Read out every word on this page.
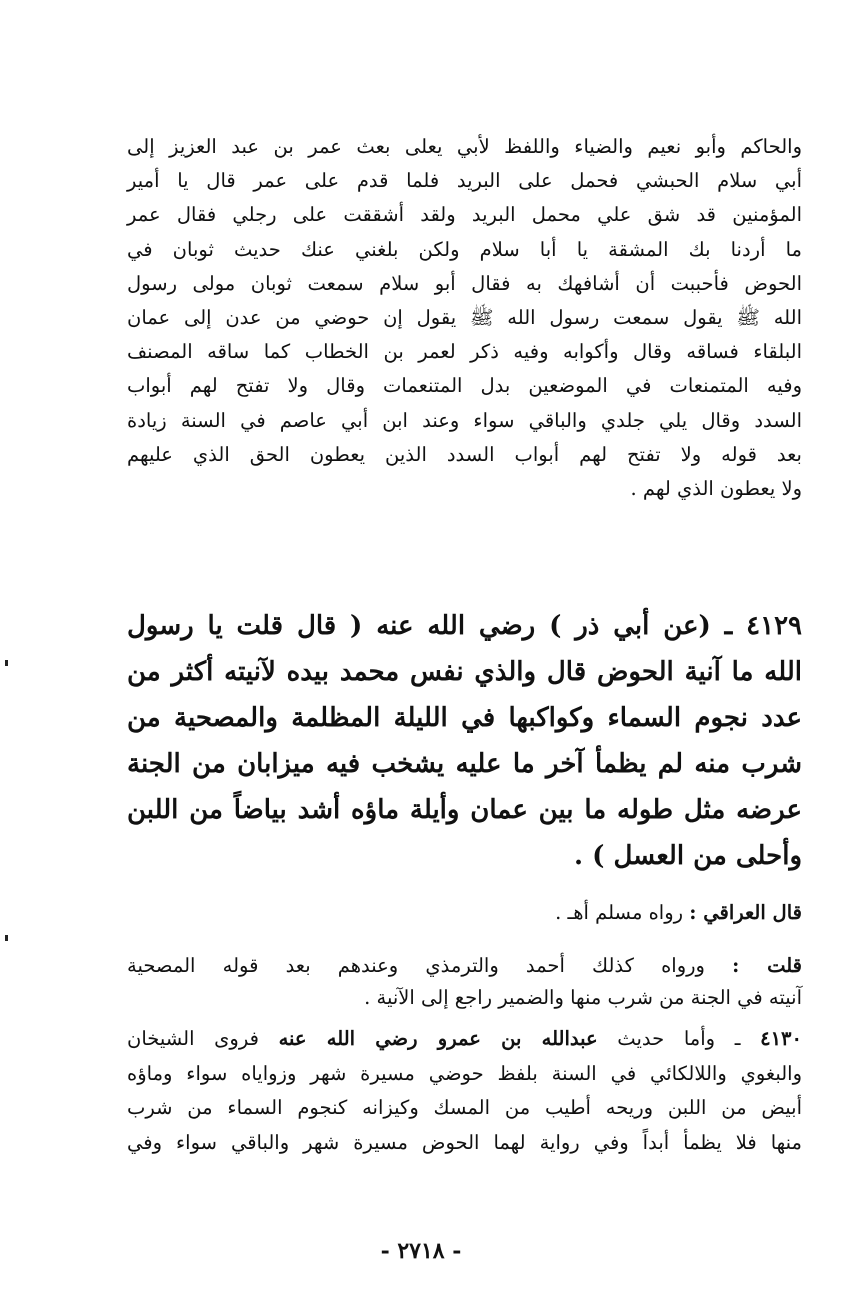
والحاكم وأبو نعيم والضياء واللفظ لأبي يعلى بعث عمر بن عبد العزيز إلى
أبي سلام الحبشي فحمل على البريد فلما قدم على عمر قال يا أمير
المؤمنين قد شق علي محمل البريد ولقد أشققت على رجلي فقال عمر
ما أردنا بك المشقة يا أبا سلام ولكن بلغني عنك حديث ثوبان في
الحوض فأحببت أن أشافهك به فقال أبو سلام سمعت ثوبان مولى رسول
الله ﷺ يقول سمعت رسول الله ﷺ يقول إن حوضي من عدن إلى عمان
البلقاء فساقه وقال وأكوابه وفيه ذكر لعمر بن الخطاب كما ساقه المصنف
وفيه المتمنعات في الموضعين بدل المتنعمات وقال ولا تفتح لهم أبواب
السدد وقال يلي جلدي والباقي سواء وعند ابن أبي عاصم في السنة زيادة
بعد قوله ولا تفتح لهم أبواب السدد الذين يعطون الحق الذي عليهم
ولا يعطون الذي لهم .
٤١٢٩ ـ (عن أبي ذر ) رضي الله عنه ( قال قلت يا رسول
الله ما آنية الحوض قال والذي نفس محمد بيده لآنيته أكثر من
عدد نجوم السماء وكواكبها في الليلة المظلمة والمصحية من
شرب منه لم يظمأ آخر ما عليه يشخب فيه ميزابان من الجنة
عرضه مثل طوله ما بين عمان وأيلة ماؤه أشد بياضاً من اللبن
وأحلى من العسل ) .
قال العراقي : رواه مسلم أهـ .
قلت : ورواه كذلك أحمد والترمذي وعندهم بعد قوله المصحية
آنيته في الجنة من شرب منها والضمير راجع إلى الآنية .
٤١٣٠ ـ وأما حديث عبدالله بن عمرو رضي الله عنه فروى الشيخان
والبغوي واللالكائي في السنة بلفظ حوضي مسيرة شهر وزواياه سواء وماؤه
أبيض من اللبن وريحه أطيب من المسك وكيزانه كنجوم السماء من شرب
منها فلا يظمأ أبداً وفي رواية لهما الحوض مسيرة شهر والباقي سواء وفي
- ٢٧١٨ -
